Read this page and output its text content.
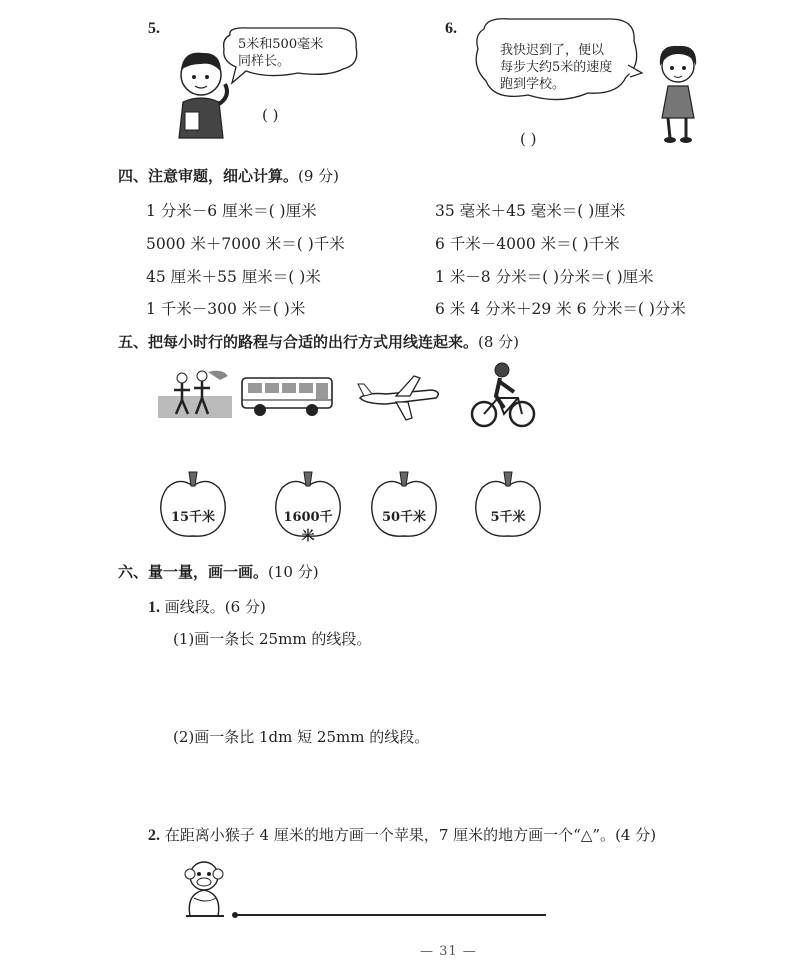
5.
5米和500毫米
同样长。
( )
6.
我快迟到了，便以
每步大约5米的速度
跑到学校。
( )
四、注意审题，细心计算。(9 分)
1 分米－6 厘米＝( )厘米	35 毫米＋45 毫米＝( )厘米
5000 米＋7000 米＝( )千米	6 千米－4000 米＝( )千米
45 厘米＋55 厘米＝( )米	1 米－8 分米＝( )分米＝( )厘米
1 千米－300 米＝( )米	6 米 4 分米＋29 米 6 分米＝( )分米
五、把每小时行的路程与合适的出行方式用线连起来。(8 分)
15千米	1600千米
50千米	5千米
六、量一量，画一画。(10 分)
1. 画线段。(6 分)
(1)画一条长 25mm 的线段。
(2)画一条比 1dm 短 25mm 的线段。
2. 在距离小猴子 4 厘米的地方画一个苹果，7 厘米的地方画一个“△”。(4 分)
— 31 —
